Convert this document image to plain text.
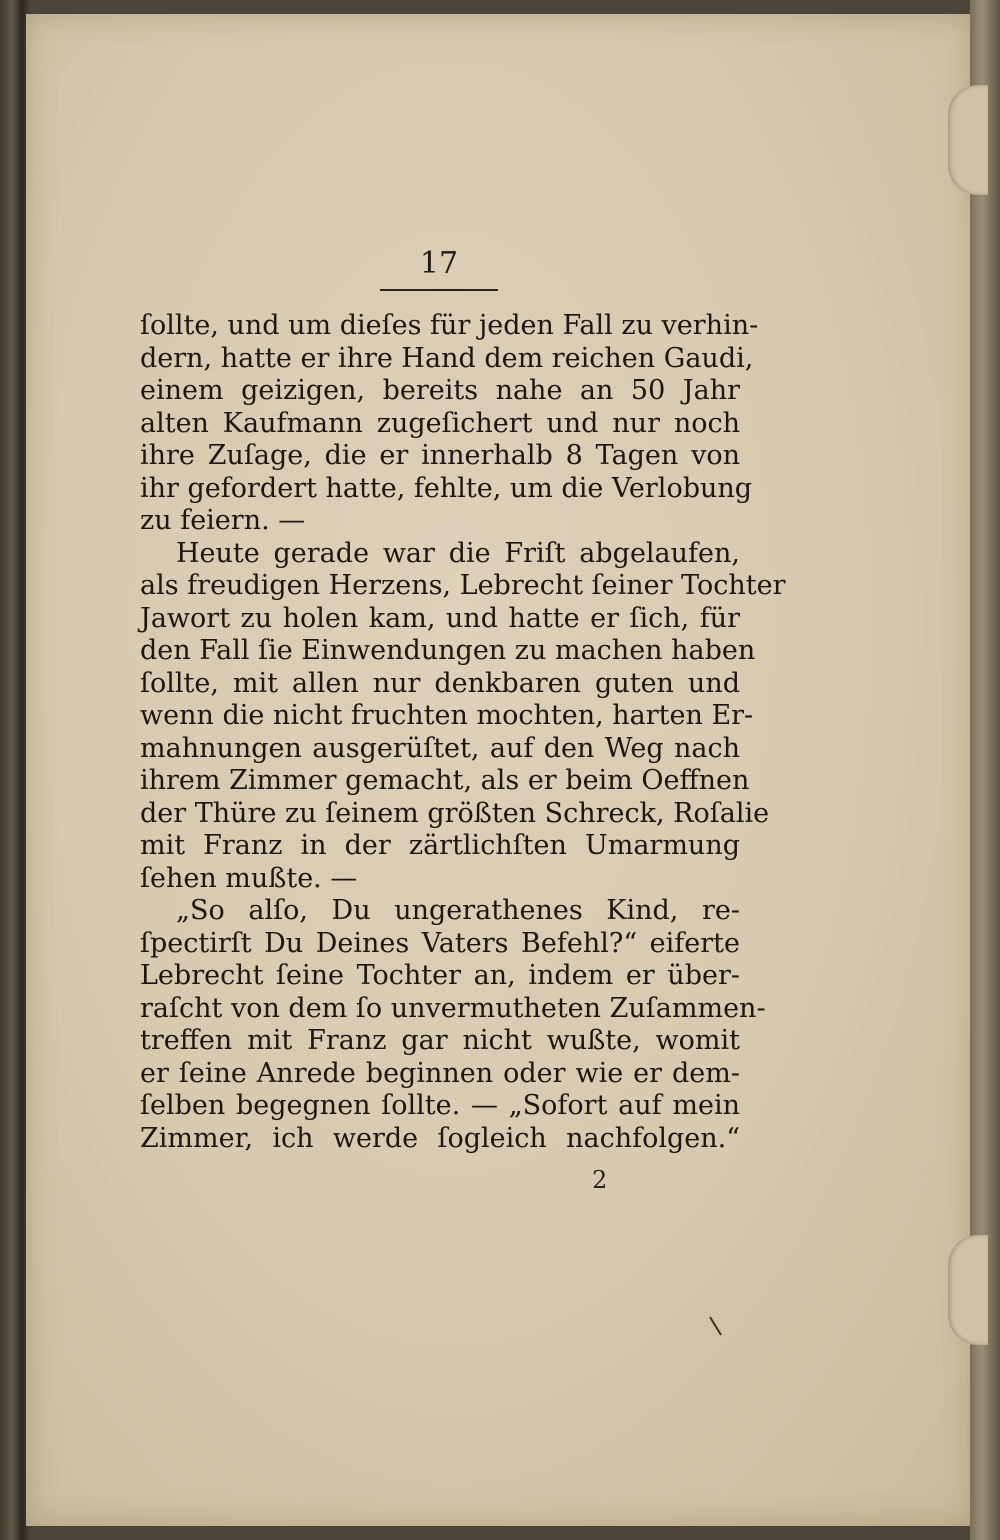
17
ſollte, und um dieſes für jeden Fall zu verhin-
dern, hatte er ihre Hand dem reichen Gaudi,
einem geizigen, bereits nahe an 50 Jahr
alten Kaufmann zugeſichert und nur noch
ihre Zuſage, die er innerhalb 8 Tagen von
ihr gefordert hatte, fehlte, um die Verlobung
zu feiern. —
Heute gerade war die Friſt abgelaufen,
als freudigen Herzens, Lebrecht ſeiner Tochter
Jawort zu holen kam, und hatte er ſich, für
den Fall ſie Einwendungen zu machen haben
ſollte, mit allen nur denkbaren guten und
wenn die nicht fruchten mochten, harten Er-
mahnungen ausgerüſtet, auf den Weg nach
ihrem Zimmer gemacht, als er beim Oeffnen
der Thüre zu ſeinem größten Schreck, Roſalie
mit Franz in der zärtlichſten Umarmung
ſehen mußte. —
„So alſo, Du ungerathenes Kind, re-
ſpectirſt Du Deines Vaters Befehl?“ eiferte
Lebrecht ſeine Tochter an, indem er über-
raſcht von dem ſo unvermutheten Zuſammen-
treffen mit Franz gar nicht wußte, womit
er ſeine Anrede beginnen oder wie er dem-
ſelben begegnen ſollte. — „Sofort auf mein
Zimmer, ich werde ſogleich nachfolgen.“
2
